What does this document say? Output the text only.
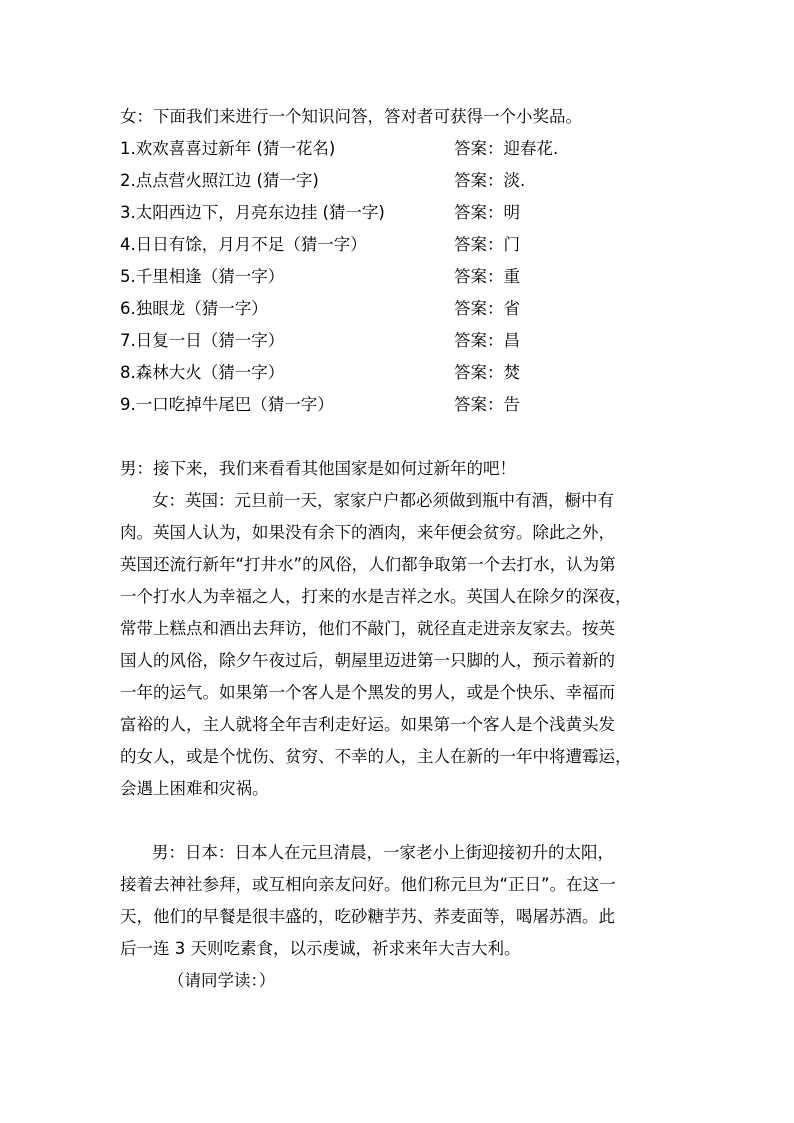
女：下面我们来进行一个知识问答，答对者可获得一个小奖品。
1.欢欢喜喜过新年 (猜一花名)	答案：迎春花.
2.点点营火照江边 (猜一字)	答案：淡.
3.太阳西边下，月亮东边挂 (猜一字)	答案：明
4.日日有馀，月月不足（猜一字）	答案：门
5.千里相逢（猜一字）	答案：重
6.独眼龙（猜一字）	答案：省
7.日复一日（猜一字）	答案：昌
8.森林大火（猜一字）	答案：焚
9.一口吃掉牛尾巴（猜一字）	答案：告
男：接下来，我们来看看其他国家是如何过新年的吧！
女：英国：元旦前一天，家家户户都必须做到瓶中有酒，橱中有
肉。英国人认为，如果没有余下的酒肉，来年便会贫穷。除此之外，
英国还流行新年“打井水”的风俗，人们都争取第一个去打水，认为第
一个打水人为幸福之人，打来的水是吉祥之水。英国人在除夕的深夜，
常带上糕点和酒出去拜访，他们不敲门，就径直走进亲友家去。按英
国人的风俗，除夕午夜过后，朝屋里迈进第一只脚的人，预示着新的
一年的运气。如果第一个客人是个黑发的男人，或是个快乐、幸福而
富裕的人，主人就将全年吉利走好运。如果第一个客人是个浅黄头发
的女人，或是个忧伤、贫穷、不幸的人，主人在新的一年中将遭霉运，
会遇上困难和灾祸。
男：日本：日本人在元旦清晨，一家老小上街迎接初升的太阳，
接着去神社参拜，或互相向亲友问好。他们称元旦为“正日”。在这一
天，他们的早餐是很丰盛的，吃砂糖芋艿、荞麦面等，喝屠苏酒。此
后一连 3 天则吃素食，以示虔诚，祈求来年大吉大利。
（请同学读：）
